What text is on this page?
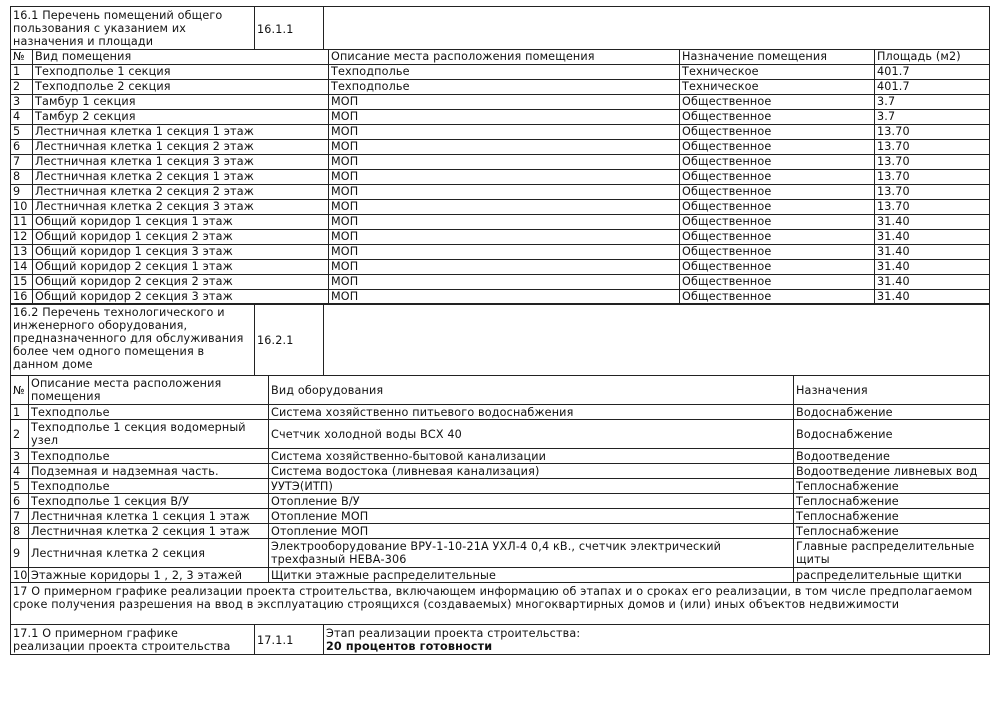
16.1 Перечень помещений общего пользования с указанием их назначения и площади	16.1.1	
№	Вид помещения	Описание места расположения помещения	Назначение помещения	Площадь (м2)
1	Техподполье 1 секция	Техподполье	Техническое	401.7
2	Техподполье 2 секция	Техподполье	Техническое	401.7
3	Тамбур 1 секция	МОП	Общественное	3.7
4	Тамбур 2 секция	МОП	Общественное	3.7
5	Лестничная клетка 1 секция 1 этаж	МОП	Общественное	13.70
6	Лестничная клетка 1 секция 2 этаж	МОП	Общественное	13.70
7	Лестничная клетка 1 секция 3 этаж	МОП	Общественное	13.70
8	Лестничная клетка 2 секция 1 этаж	МОП	Общественное	13.70
9	Лестничная клетка 2 секция 2 этаж	МОП	Общественное	13.70
10	Лестничная клетка 2 секция 3 этаж	МОП	Общественное	13.70
11	Общий коридор 1 секция 1 этаж	МОП	Общественное	31.40
12	Общий коридор 1 секция 2 этаж	МОП	Общественное	31.40
13	Общий коридор 1 секция 3 этаж	МОП	Общественное	31.40
14	Общий коридор 2 секция 1 этаж	МОП	Общественное	31.40
15	Общий коридор 2 секция 2 этаж	МОП	Общественное	31.40
16	Общий коридор 2 секция 3 этаж	МОП	Общественное	31.40
16.2 Перечень технологического и инженерного оборудования, предназначенного для обслуживания более чем одного помещения в данном доме	16.2.1	
№	Описание места расположения помещения	Вид оборудования	Назначения
1	Техподполье	Система хозяйственно питьевого водоснабжения	Водоснабжение
2	Техподполье 1 секция водомерный узел	Счетчик холодной воды ВСХ 40	Водоснабжение
3	Техподполье	Система хозяйственно-бытовой канализации	Водоотведение
4	Подземная и надземная часть.	Система водостока (ливневая канализация)	Водоотведение ливневых вод
5	Техподполье	УУТЭ(ИТП)	Теплоснабжение
6	Техподполье 1 секция В/У	Отопление В/У	Теплоснабжение
7	Лестничная клетка 1 секция 1 этаж	Отопление МОП	Теплоснабжение
8	Лестничная клетка 2 секция 1 этаж	Отопление МОП	Теплоснабжение
9	Лестничная клетка 2 секция	Электрооборудование ВРУ-1-10-21А УХЛ-4 0,4 кВ., счетчик электрический трехфазный НЕВА-306	Главные распределительные щиты
10	Этажные коридоры 1 , 2, 3 этажей	Щитки этажные распределительные	распределительные щитки
17 О примерном графике реализации проекта строительства, включающем информацию об этапах и о сроках его реализации, в том числе предполагаемом сроке получения разрешения на ввод в эксплуатацию строящихся (создаваемых) многоквартирных домов и (или) иных объектов недвижимости
17.1 О примерном графике реализации проекта строительства	17.1.1	
Этап реализации проекта строительства:
20 процентов готовности
